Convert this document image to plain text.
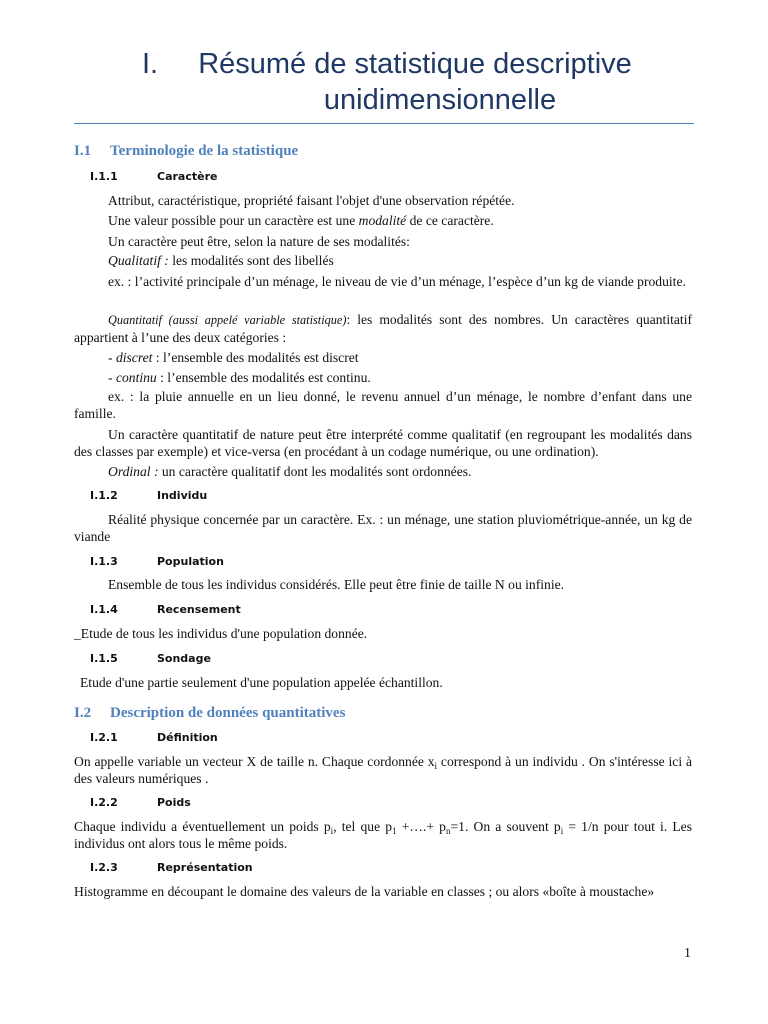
I. Résumé de statistique descriptive
unidimensionnelle
I.1 Terminologie de la statistique
I.1.1	Caractère
Attribut, caractéristique, propriété faisant l'objet d'une observation répétée.
Une valeur possible pour un caractère est une modalité de ce caractère.
Un caractère peut être, selon la nature de ses modalités:
Qualitatif : les modalités sont des libellés
ex. : l’activité principale d’un ménage, le niveau de vie d’un ménage, l’espèce d’un kg de viande produite.
Quantitatif (aussi appelé variable statistique): les modalités sont des nombres. Un caractères quantitatif appartient à l’une des deux catégories :
- discret : l’ensemble des modalités est discret
- continu : l’ensemble des modalités est continu.
ex. : la pluie annuelle en un lieu donné, le revenu annuel d’un ménage, le nombre d’enfant dans une famille.
Un caractère quantitatif de nature peut être interprété comme qualitatif (en regroupant les modalités dans des classes par exemple) et vice-versa (en procédant à un codage numérique, ou une ordination).
Ordinal : un caractère qualitatif dont les modalités sont ordonnées.
I.1.2	Individu
Réalité physique concernée par un caractère. Ex. : un ménage, une station pluviométrique-année, un kg de viande
I.1.3	Population
Ensemble de tous les individus considérés. Elle peut être finie de taille N ou infinie.
I.1.4	Recensement
_Etude de tous les individus d'une population donnée.
I.1.5	Sondage
Etude d'une partie seulement d'une population appelée échantillon.
I.2 Description de données quantitatives
I.2.1	Définition
On appelle variable un vecteur X de taille n. Chaque cordonnée $x_i$ correspond à un individu . On s'intéresse ici à des valeurs numériques .
I.2.2	Poids
Chaque individu a éventuellement un poids $p_i$, tel que $p_1$ +….+ $p_n=1$. On a souvent $p_i = 1/n$ pour tout i. Les individus ont alors tous le même poids.
I.2.3	Représentation
Histogramme en découpant le domaine des valeurs de la variable en classes ; ou alors «boîte à moustache»
1
